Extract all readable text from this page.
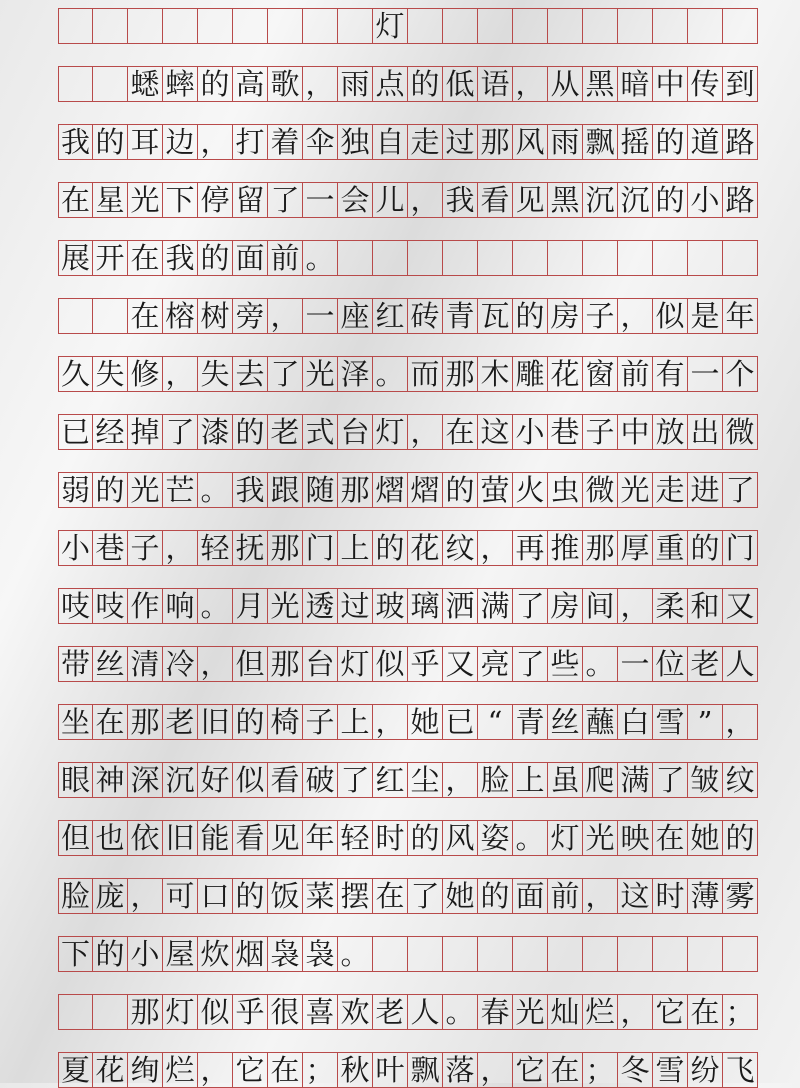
灯
蟋 蟀 的 高 歌 ， 雨 点 的 低 语 ， 从 黑 暗 中 传 到
我 的 耳 边 ， 打 着 伞 独 自 走 过 那 风 雨 飘 摇 的 道 路
在 星 光 下 停 留 了 一 会 儿 ， 我 看 见 黑 沉 沉 的 小 路
展 开 在 我 的 面 前 。
在 榕 树 旁 ， 一 座 红 砖 青 瓦 的 房 子 ， 似 是 年
久 失 修 ， 失 去 了 光 泽 。 而 那 木 雕 花 窗 前 有 一 个
已 经 掉 了 漆 的 老 式 台 灯 ， 在 这 小 巷 子 中 放 出 微
弱 的 光 芒 。 我 跟 随 那 熠 熠 的 萤 火 虫 微 光 走 进 了
小 巷 子 ， 轻 抚 那 门 上 的 花 纹 ， 再 推 那 厚 重 的 门
吱 吱 作 响 。 月 光 透 过 玻 璃 洒 满 了 房 间 ， 柔 和 又
带 丝 清 冷 ， 但 那 台 灯 似 乎 又 亮 了 些 。 一 位 老 人
坐 在 那 老 旧 的 椅 子 上 ， 她 已 “ 青 丝 蘸 白 雪 ” ，
眼 神 深 沉 好 似 看 破 了 红 尘 ， 脸 上 虽 爬 满 了 皱 纹
但 也 依 旧 能 看 见 年 轻 时 的 风 姿 。 灯 光 映 在 她 的
脸 庞 ， 可 口 的 饭 菜 摆 在 了 她 的 面 前 ， 这 时 薄 雾
下 的 小 屋 炊 烟 袅 袅 。
那 灯 似 乎 很 喜 欢 老 人 。 春 光 灿 烂 ， 它 在 ；
夏 花 绚 烂 ， 它 在 ； 秋 叶 飘 落 ， 它 在 ； 冬 雪 纷 飞
